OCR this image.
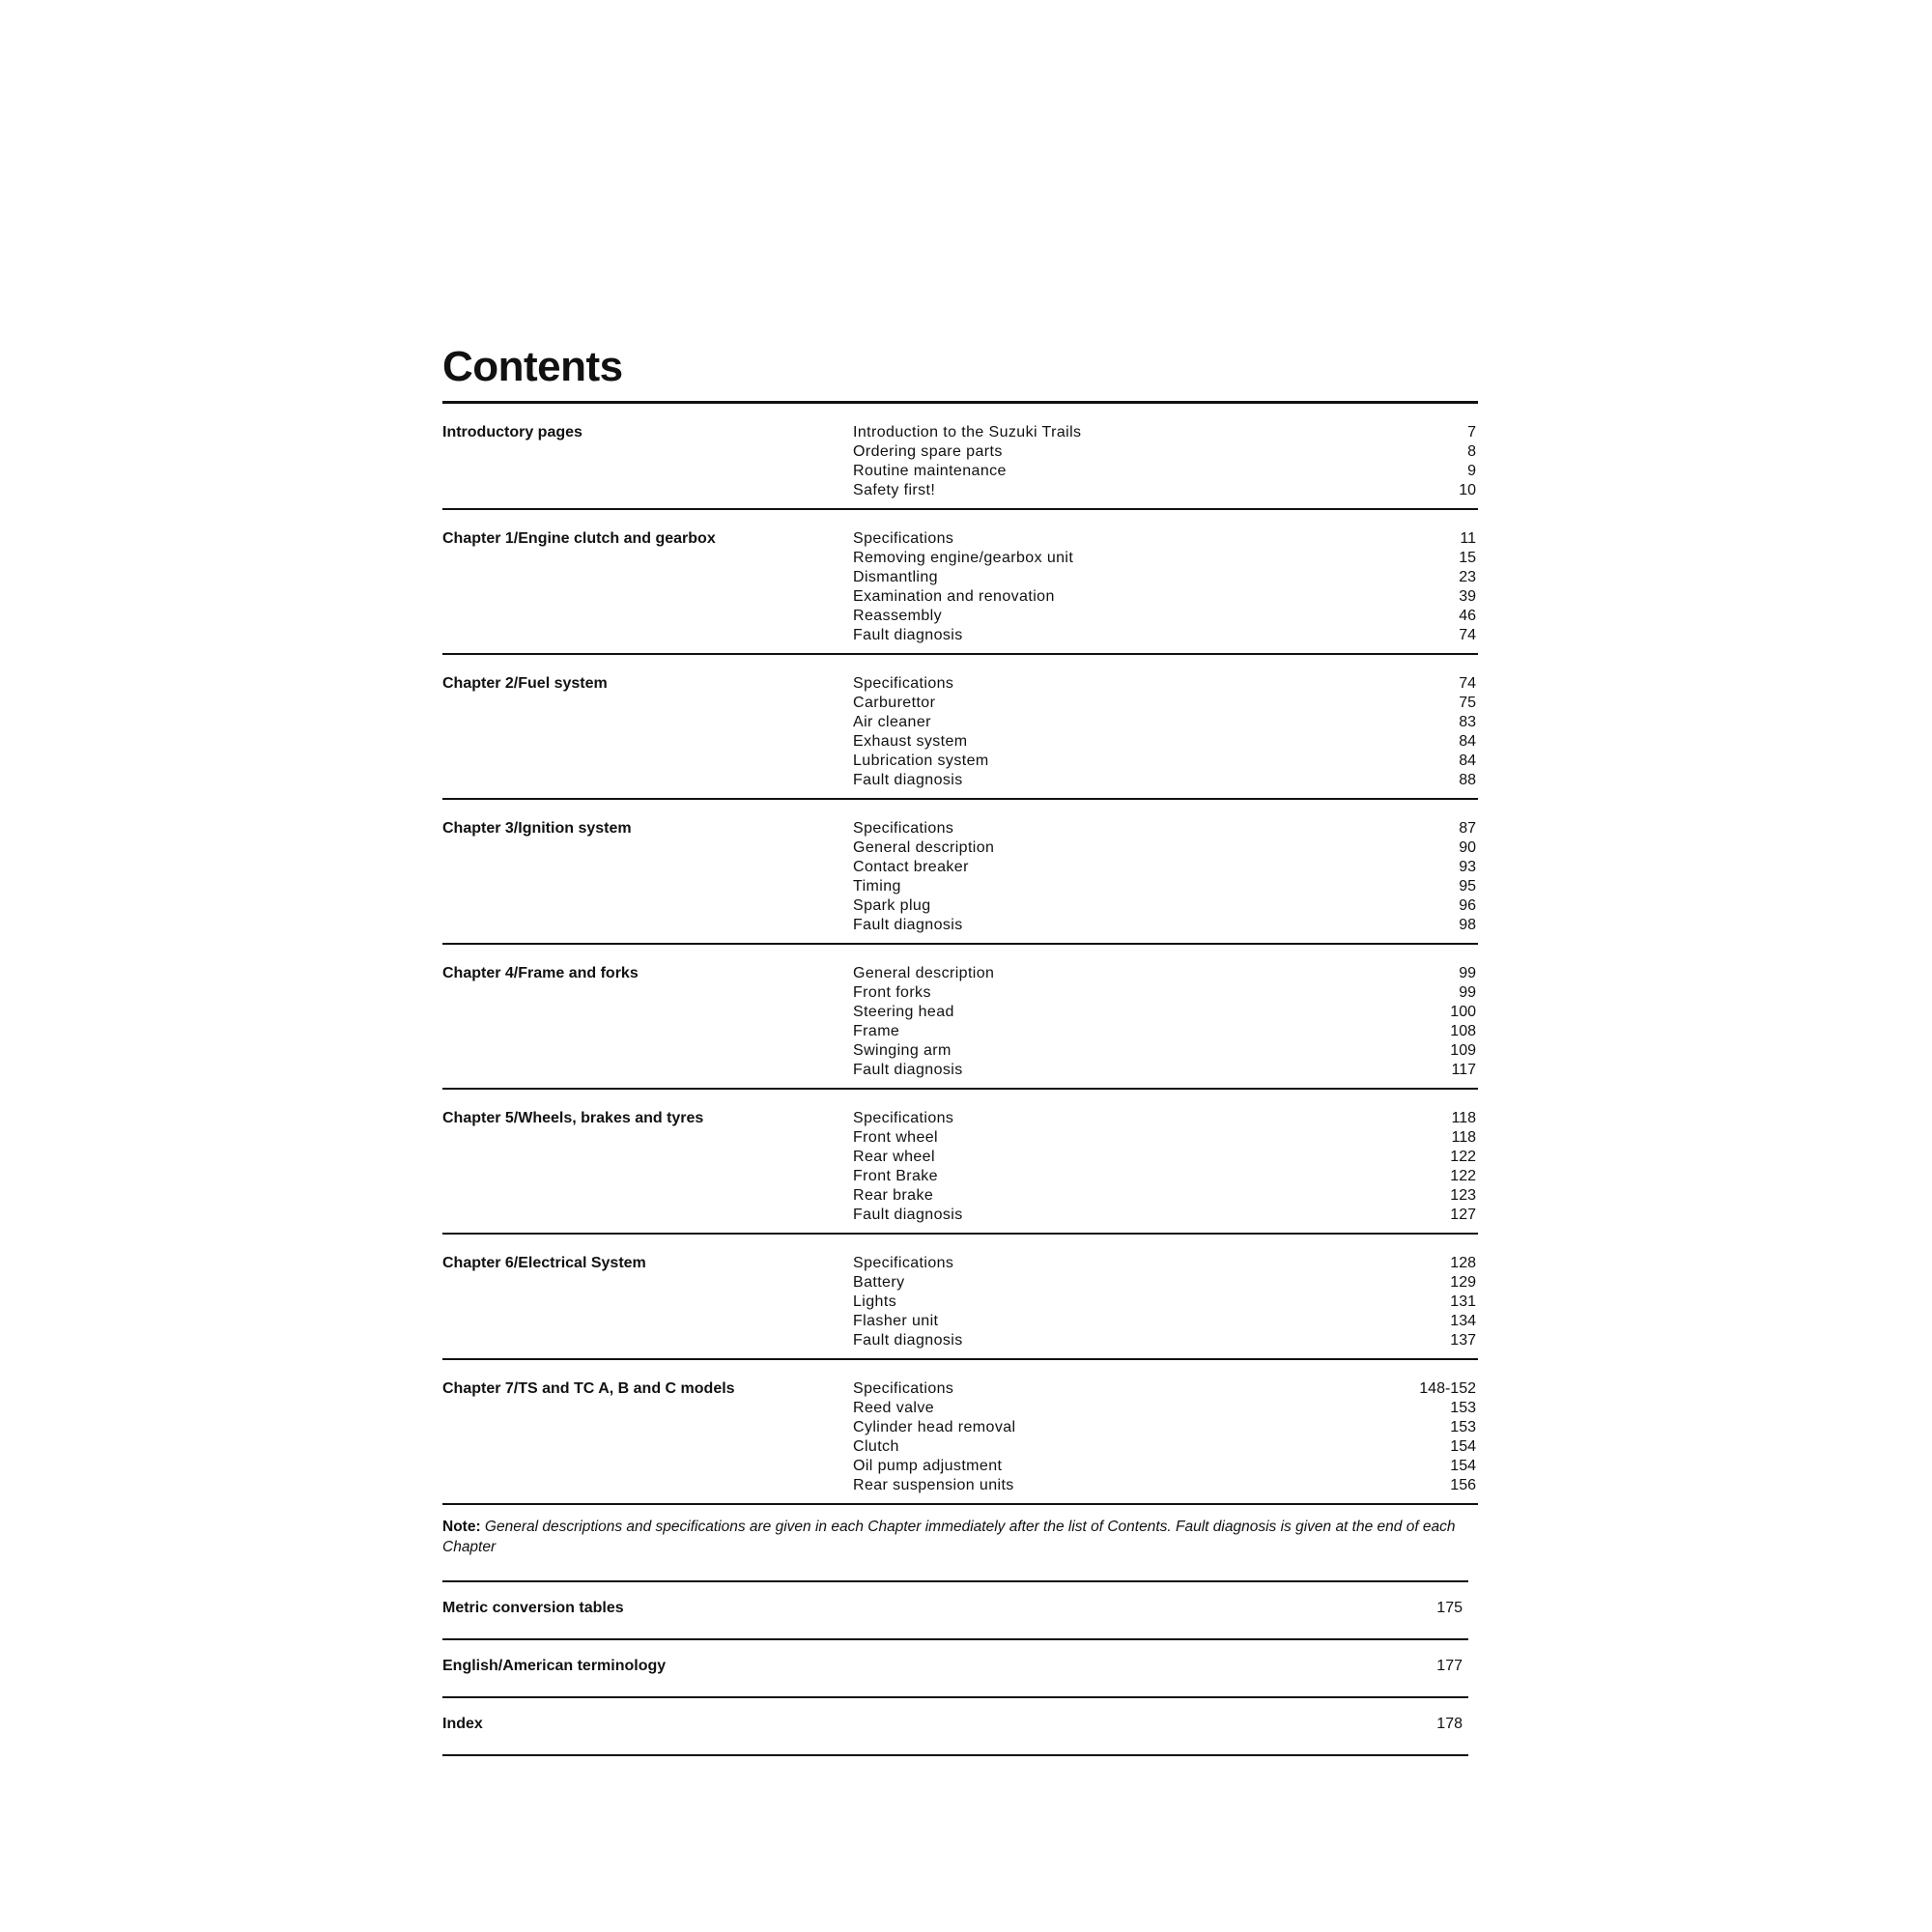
Contents
Introductory pages	Introduction to the Suzuki Trails	7
Ordering spare parts	8
Routine maintenance	9
Safety first!	10
Chapter 1/Engine clutch and gearbox	Specifications	11
Removing engine/gearbox unit	15
Dismantling	23
Examination and renovation	39
Reassembly	46
Fault diagnosis	74
Chapter 2/Fuel system	Specifications	74
Carburettor	75
Air cleaner	83
Exhaust system	84
Lubrication system	84
Fault diagnosis	88
Chapter 3/Ignition system	Specifications	87
General description	90
Contact breaker	93
Timing	95
Spark plug	96
Fault diagnosis	98
Chapter 4/Frame and forks	General description	99
Front forks	99
Steering head	100
Frame	108
Swinging arm	109
Fault diagnosis	117
Chapter 5/Wheels, brakes and tyres	Specifications	118
Front wheel	118
Rear wheel	122
Front Brake	122
Rear brake	123
Fault diagnosis	127
Chapter 6/Electrical System	Specifications	128
Battery	129
Lights	131
Flasher unit	134
Fault diagnosis	137
Chapter 7/TS and TC A, B and C models	Specifications	148-152
Reed valve	153
Cylinder head removal	153
Clutch	154
Oil pump adjustment	154
Rear suspension units	156
Note: General descriptions and specifications are given in each Chapter immediately after the list of Contents. Fault diagnosis is given at the end of each Chapter
Metric conversion tables	175
English/American terminology	177
Index	178
